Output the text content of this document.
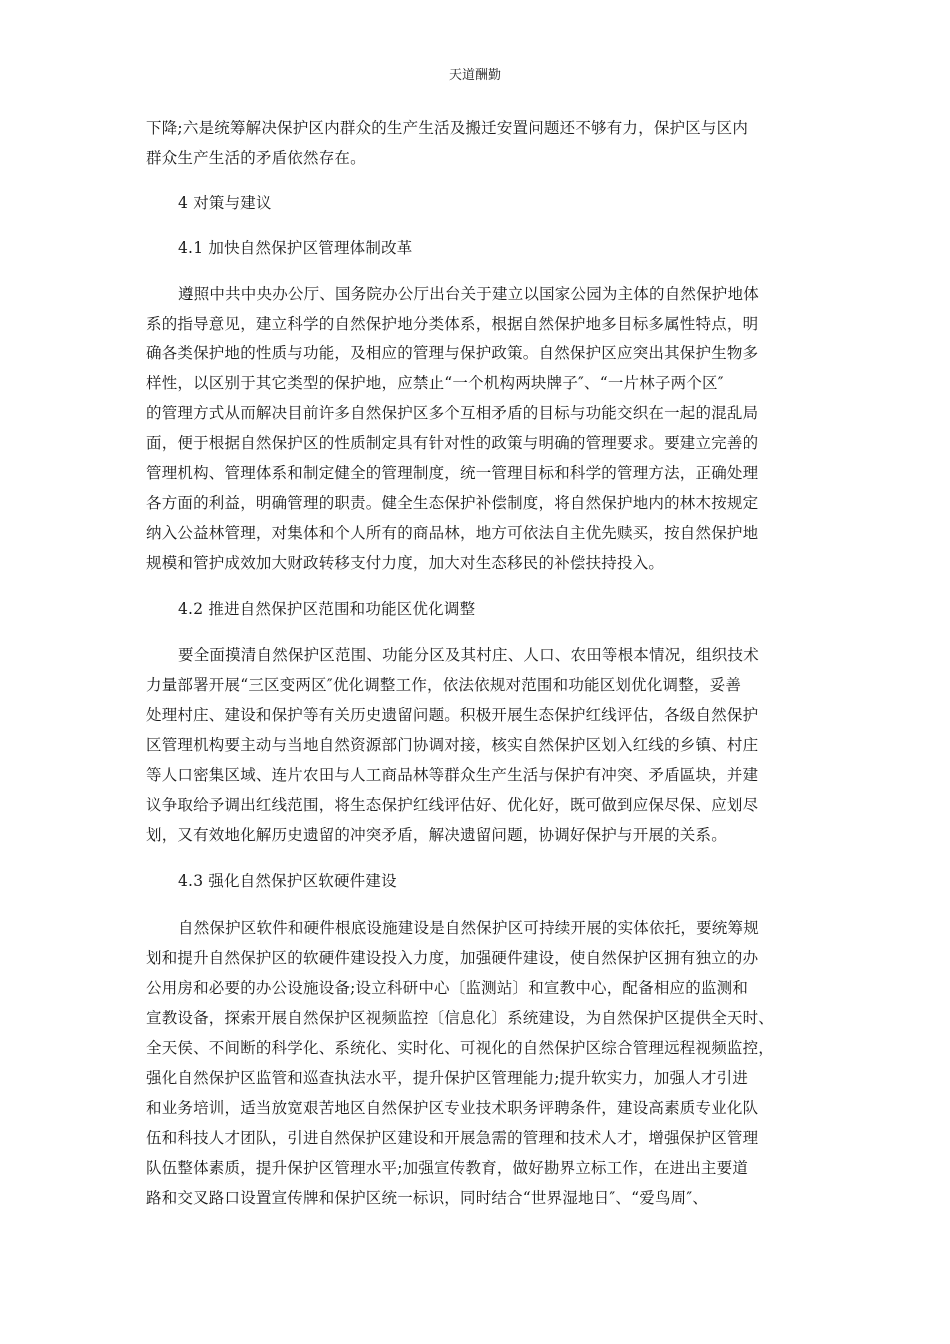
天道酬勤
下降;六是统筹解决保护区内群众的生产生活及搬迁安置问题还不够有力，保护区与区内
群众生产生活的矛盾依然存在。
4 对策与建议
4.1 加快自然保护区管理体制改革
遵照中共中央办公厅、国务院办公厅出台关于建立以国家公园为主体的自然保护地体
系的指导意见，建立科学的自然保护地分类体系，根据自然保护地多目标多属性特点，明
确各类保护地的性质与功能，及相应的管理与保护政策。自然保护区应突出其保护生物多
样性，以区别于其它类型的保护地，应禁止“一个机构两块牌子″、“一片林子两个区″
的管理方式从而解决目前许多自然保护区多个互相矛盾的目标与功能交织在一起的混乱局
面，便于根据自然保护区的性质制定具有针对性的政策与明确的管理要求。要建立完善的
管理机构、管理体系和制定健全的管理制度，统一管理目标和科学的管理方法，正确处理
各方面的利益，明确管理的职责。健全生态保护补偿制度，将自然保护地内的林木按规定
纳入公益林管理，对集体和个人所有的商品林，地方可依法自主优先赎买，按自然保护地
规模和管护成效加大财政转移支付力度，加大对生态移民的补偿扶持投入。
4.2 推进自然保护区范围和功能区优化调整
要全面摸清自然保护区范围、功能分区及其村庄、人口、农田等根本情况，组织技术
力量部署开展“三区变两区″优化调整工作，依法依规对范围和功能区划优化调整，妥善
处理村庄、建设和保护等有关历史遗留问题。积极开展生态保护红线评估，各级自然保护
区管理机构要主动与当地自然资源部门协调对接，核实自然保护区划入红线的乡镇、村庄
等人口密集区域、连片农田与人工商品林等群众生产生活与保护有冲突、矛盾區块，并建
议争取给予调出红线范围，将生态保护红线评估好、优化好，既可做到应保尽保、应划尽
划，又有效地化解历史遗留的冲突矛盾，解决遗留问题，协调好保护与开展的关系。
4.3 强化自然保护区软硬件建设
自然保护区软件和硬件根底设施建设是自然保护区可持续开展的实体依托，要统筹规
划和提升自然保护区的软硬件建设投入力度，加强硬件建设，使自然保护区拥有独立的办
公用房和必要的办公设施设备;设立科研中心〔监测站〕和宣教中心，配备相应的监测和
宣教设备，探索开展自然保护区视频监控〔信息化〕系统建设，为自然保护区提供全天时、
全天侯、不间断的科学化、系统化、实时化、可视化的自然保护区综合管理远程视频监控，
强化自然保护区监管和巡查执法水平，提升保护区管理能力;提升软实力，加强人才引进
和业务培训，适当放宽艰苦地区自然保护区专业技术职务评聘条件，建设高素质专业化队
伍和科技人才团队，引进自然保护区建设和开展急需的管理和技术人才，增强保护区管理
队伍整体素质，提升保护区管理水平;加强宣传教育，做好勘界立标工作，在进出主要道
路和交叉路口设置宣传牌和保护区统一标识，同时结合“世界湿地日″、“爱鸟周″、
